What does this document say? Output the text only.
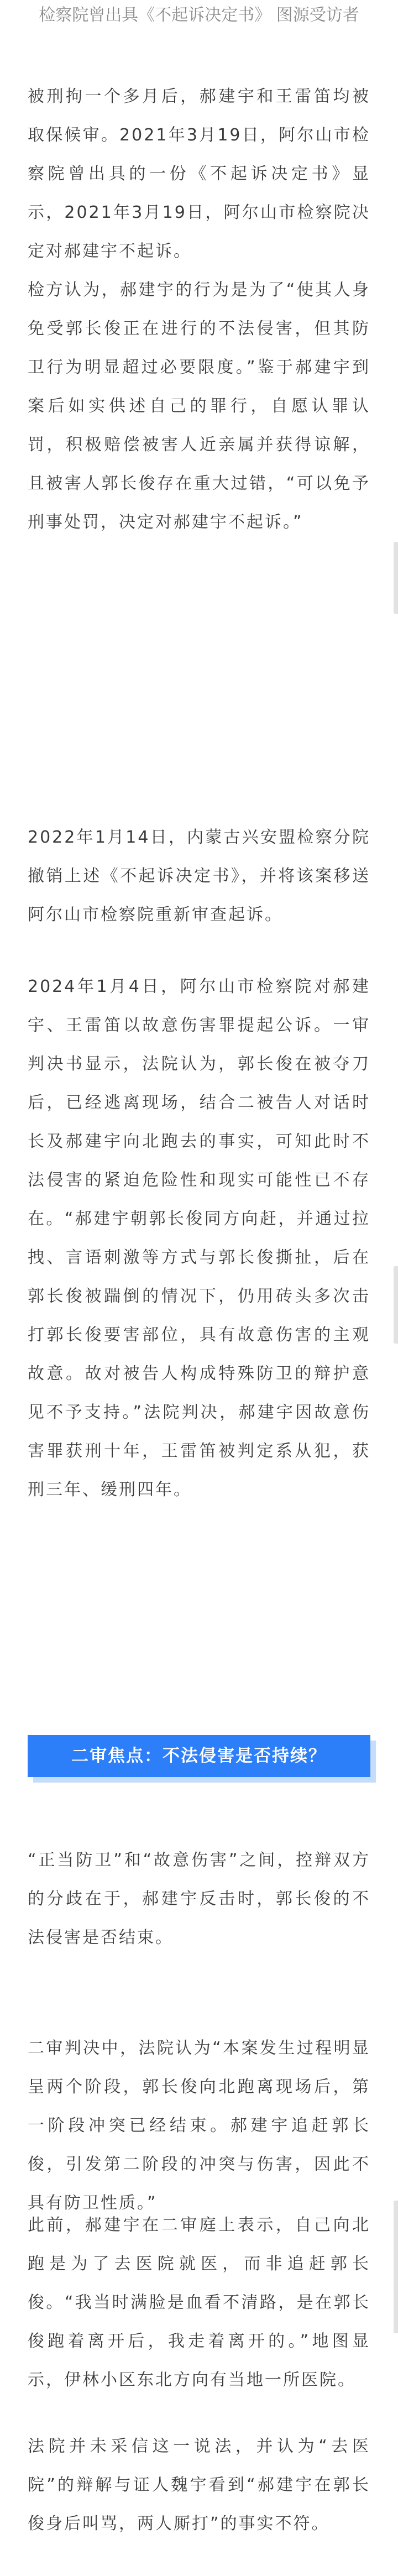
检察院曾出具《不起诉决定书》 图源受访者

被刑拘一个多月后，郝建宇和王雷笛均被取保候审。2021年3月19日，阿尔山市检察院曾出具的一份《不起诉决定书》显示，2021年3月19日，阿尔山市检察院决定对郝建宇不起诉。

检方认为，郝建宇的行为是为了“使其人身免受郭长俊正在进行的不法侵害，但其防卫行为明显超过必要限度。”鉴于郝建宇到案后如实供述自己的罪行，自愿认罪认罚，积极赔偿被害人近亲属并获得谅解，且被害人郭长俊存在重大过错，“可以免予刑事处罚，决定对郝建宇不起诉。”

2022年1月14日，内蒙古兴安盟检察分院撤销上述《不起诉决定书》，并将该案移送阿尔山市检察院重新审查起诉。

2024年1月4日，阿尔山市检察院对郝建宇、王雷笛以故意伤害罪提起公诉。一审判决书显示，法院认为，郭长俊在被夺刀后，已经逃离现场，结合二被告人对话时长及郝建宇向北跑去的事实，可知此时不法侵害的紧迫危险性和现实可能性已不存在。“郝建宇朝郭长俊同方向赶，并通过拉拽、言语刺激等方式与郭长俊撕扯，后在郭长俊被踹倒的情况下，仍用砖头多次击打郭长俊要害部位，具有故意伤害的主观故意。故对被告人构成特殊防卫的辩护意见不予支持。”法院判决，郝建宇因故意伤害罪获刑十年，王雷笛被判定系从犯，获刑三年、缓刑四年。

二审焦点：不法侵害是否持续？

“正当防卫”和“故意伤害”之间，控辩双方的分歧在于，郝建宇反击时，郭长俊的不法侵害是否结束。

二审判决中，法院认为“本案发生过程明显呈两个阶段，郭长俊向北跑离现场后，第一阶段冲突已经结束。郝建宇追赶郭长俊，引发第二阶段的冲突与伤害，因此不具有防卫性质。”

此前，郝建宇在二审庭上表示，自己向北跑是为了去医院就医，而非追赶郭长俊。“我当时满脸是血看不清路，是在郭长俊跑着离开后，我走着离开的。”地图显示，伊林小区东北方向有当地一所医院。

法院并未采信这一说法，并认为“去医院”的辩解与证人魏宇看到“郝建宇在郭长俊身后叫骂，两人厮打”的事实不符。
